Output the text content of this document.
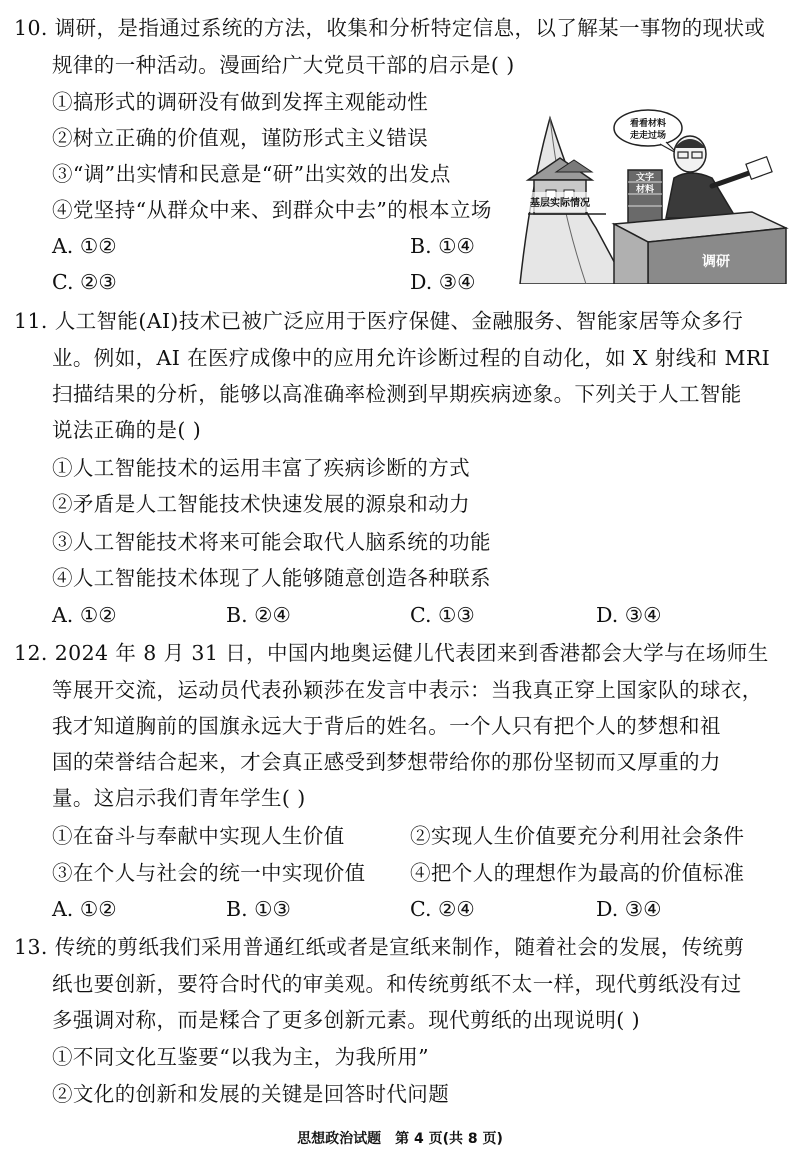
10. 调研，是指通过系统的方法，收集和分析特定信息，以了解某一事物的现状或
规律的一种活动。漫画给广大党员干部的启示是( )
①搞形式的调研没有做到发挥主观能动性
②树立正确的价值观，谨防形式主义错误
③“调”出实情和民意是“研”出实效的出发点
④党坚持“从群众中来、到群众中去”的根本立场
A. ①②	B. ①④
C. ②③	D. ③④
基层实际情况
看看材料
走走过场
文字
材料
调研
11. 人工智能(AI)技术已被广泛应用于医疗保健、金融服务、智能家居等众多行
业。例如，AI 在医疗成像中的应用允许诊断过程的自动化，如 X 射线和 MRI
扫描结果的分析，能够以高准确率检测到早期疾病迹象。下列关于人工智能
说法正确的是( )
①人工智能技术的运用丰富了疾病诊断的方式
②矛盾是人工智能技术快速发展的源泉和动力
③人工智能技术将来可能会取代人脑系统的功能
④人工智能技术体现了人能够随意创造各种联系
A. ①②	B. ②④	C. ①③	D. ③④
12. 2024 年 8 月 31 日，中国内地奥运健儿代表团来到香港都会大学与在场师生
等展开交流，运动员代表孙颖莎在发言中表示：当我真正穿上国家队的球衣，
我才知道胸前的国旗永远大于背后的姓名。一个人只有把个人的梦想和祖
国的荣誉结合起来，才会真正感受到梦想带给你的那份坚韧而又厚重的力
量。这启示我们青年学生( )
①在奋斗与奉献中实现人生价值	②实现人生价值要充分利用社会条件
③在个人与社会的统一中实现价值 ④把个人的理想作为最高的价值标准
A. ①②	B. ①③	C. ②④	D. ③④
13. 传统的剪纸我们采用普通红纸或者是宣纸来制作，随着社会的发展，传统剪
纸也要创新，要符合时代的审美观。和传统剪纸不太一样，现代剪纸没有过
多强调对称，而是糅合了更多创新元素。现代剪纸的出现说明( )
①不同文化互鉴要“以我为主，为我所用”
②文化的创新和发展的关键是回答时代问题
思想政治试题　第 4 页(共 8 页)
